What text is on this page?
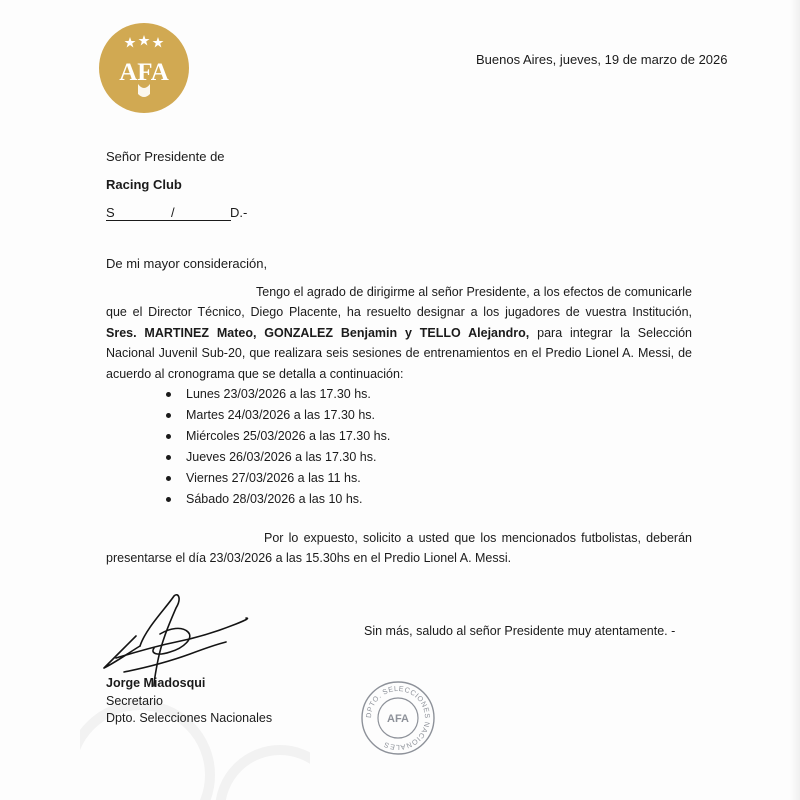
AFA	Buenos Aires, jueves, 19 de marzo de 2026
Señor Presidente de
Racing Club
S	/	D.-
De mi mayor consideración,
Tengo el agrado de dirigirme al señor Presidente, a los efectos de comunicarle que el Director Técnico, Diego Placente, ha resuelto designar a los jugadores de vuestra Institución, Sres. MARTINEZ Mateo, GONZALEZ Benjamin y TELLO Alejandro, para integrar la Selección Nacional Juvenil Sub-20, que realizara seis sesiones de entrenamientos en el Predio Lionel A. Messi, de acuerdo al cronograma que se detalla a continuación:
Lunes 23/03/2026 a las 17.30 hs.
Martes 24/03/2026 a las 17.30 hs.
Miércoles 25/03/2026 a las 17.30 hs.
Jueves 26/03/2026 a las 17.30 hs.
Viernes 27/03/2026 a las 11 hs.
Sábado 28/03/2026 a las 10 hs.
Por lo expuesto, solicito a usted que los mencionados futbolistas, deberán presentarse el día 23/03/2026 a las 15.30hs en el Predio Lionel A. Messi.
Sin más, saludo al señor Presidente muy atentamente. -
Jorge Miadosqui
Secretario
Dpto. Selecciones Nacionales	DPTO. SELECCIONES NACIONALES
AFA
